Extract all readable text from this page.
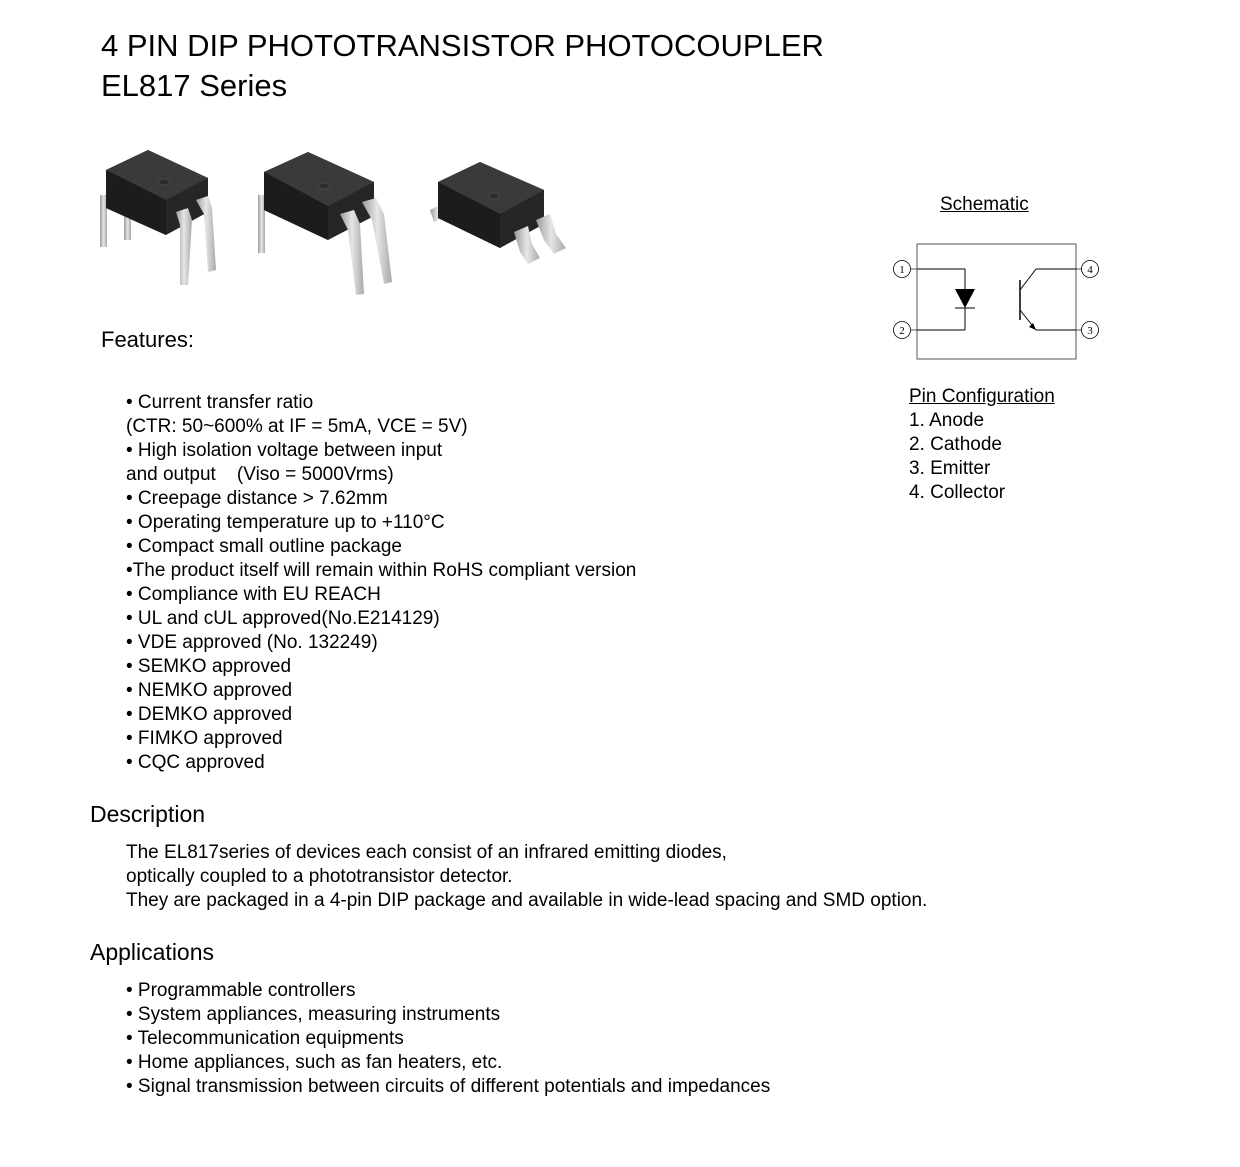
4 PIN DIP PHOTOTRANSISTOR PHOTOCOUPLER
EL817 Series
Features:
• Current transfer ratio
(CTR: 50~600% at IF = 5mA, VCE = 5V)
• High isolation voltage between input
and output    (Viso = 5000Vrms)
• Creepage distance > 7.62mm
• Operating temperature up to +110°C
• Compact small outline package
•The product itself will remain within RoHS compliant version
• Compliance with EU REACH
• UL and cUL approved(No.E214129)
• VDE approved (No. 132249)
• SEMKO approved
• NEMKO approved
• DEMKO approved
• FIMKO approved
• CQC approved
Schematic
1
2	3
4
Pin Configuration
1. Anode
2. Cathode
3. Emitter
4. Collector
Description
The EL817series of devices each consist of an infrared emitting diodes,
optically coupled to a phototransistor detector.
They are packaged in a 4-pin DIP package and available in wide-lead spacing and SMD option.
Applications
• Programmable controllers
• System appliances, measuring instruments
• Telecommunication equipments
• Home appliances, such as fan heaters, etc.
• Signal transmission between circuits of different potentials and impedances
